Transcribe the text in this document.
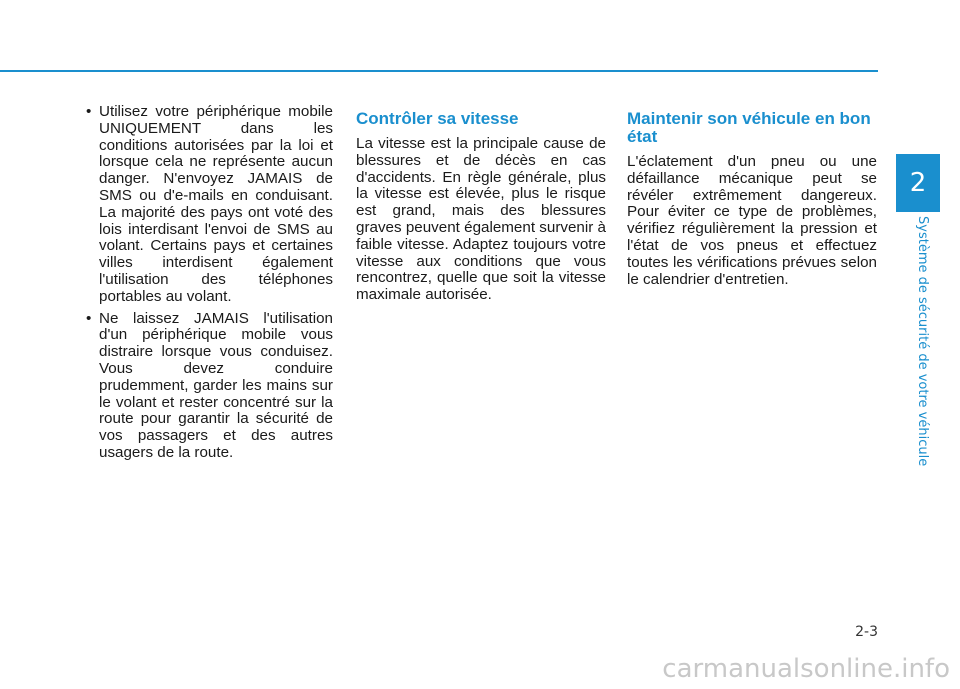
• Utilisez votre périphérique mobile UNIQUEMENT dans les conditions autorisées par la loi et lorsque cela ne représente aucun danger. N'envoyez JAMAIS de SMS ou d'e-mails en conduisant. La majorité des pays ont voté des lois interdisant l'envoi de SMS au volant. Certains pays et certaines villes interdisent également l'utilisation des téléphones portables au volant.
• Ne laissez JAMAIS l'utilisation d'un périphérique mobile vous distraire lorsque vous conduisez. Vous devez conduire prudemment, garder les mains sur le volant et rester concentré sur la route pour garantir la sécurité de vos passagers et des autres usagers de la route.
Contrôler sa vitesse

La vitesse est la principale cause de blessures et de décès en cas d'accidents. En règle générale, plus la vitesse est élevée, plus le risque est grand, mais des blessures graves peuvent également survenir à faible vitesse. Adaptez toujours votre vitesse aux conditions que vous rencontrez, quelle que soit la vitesse maximale autorisée.

Maintenir son véhicule en bon état

L'éclatement d'un pneu ou une défaillance mécanique peut se révéler extrêmement dangereux. Pour éviter ce type de problèmes, vérifiez régulièrement la pression et l'état de vos pneus et effectuez toutes les vérifications prévues selon le calendrier d'entretien.

2
Système de sécurité de votre véhicule
2-3
carmanualsonline.info
